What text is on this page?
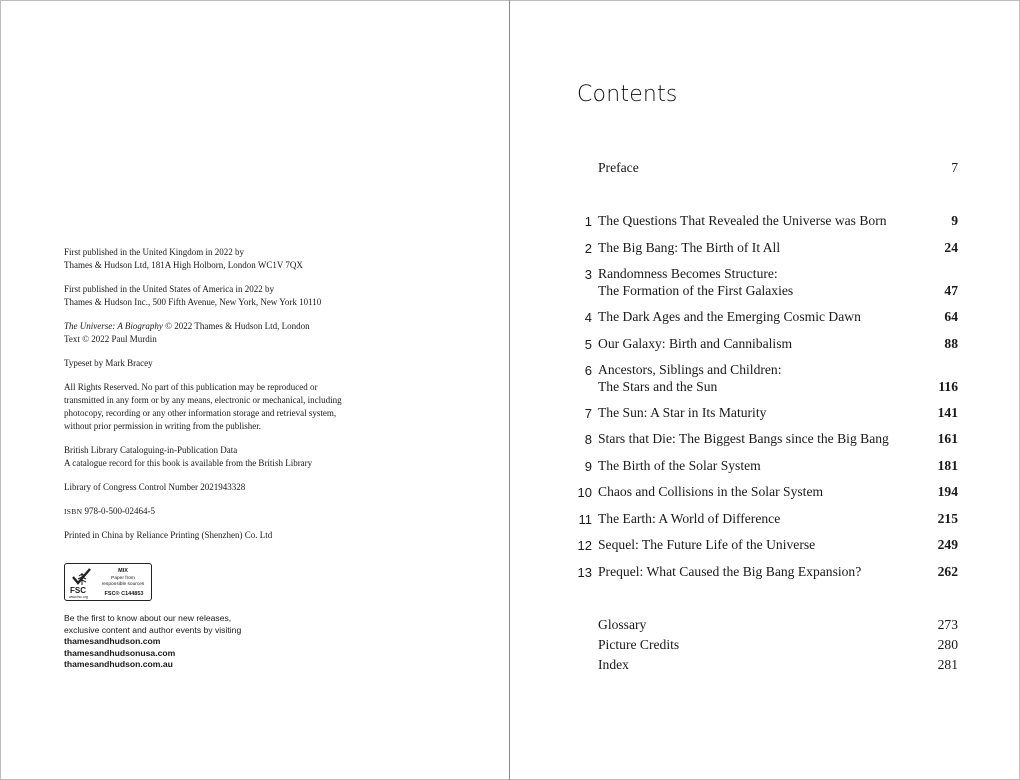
First published in the United Kingdom in 2022 by
Thames & Hudson Ltd, 181A High Holborn, London WC1V 7QX

First published in the United States of America in 2022 by
Thames & Hudson Inc., 500 Fifth Avenue, New York, New York 10110

The Universe: A Biography © 2022 Thames & Hudson Ltd, London
Text © 2022 Paul Murdin

Typeset by Mark Bracey

All Rights Reserved. No part of this publication may be reproduced or
transmitted in any form or by any means, electronic or mechanical, including
photocopy, recording or any other information storage and retrieval system,
without prior permission in writing from the publisher.

British Library Cataloguing-in-Publication Data
A catalogue record for this book is available from the British Library

Library of Congress Control Number 2021943328

ISBN 978-0-500-02464-5

Printed in China by Reliance Printing (Shenzhen) Co. Ltd

FSC
www.fsc.org
MIX
Paper from
responsible sources
FSC® C144853
Be the first to know about our new releases,
exclusive content and author events by visiting
thamesandhudson.com
thamesandhudsonusa.com
thamesandhudson.com.au
Contents
Preface	7
1 The Questions That Revealed the Universe was Born	9
2 The Big Bang: The Birth of It All	24
3 Randomness Becomes Structure:
The Formation of the First Galaxies	47
4 The Dark Ages and the Emerging Cosmic Dawn	64
5 Our Galaxy: Birth and Cannibalism	88
6 Ancestors, Siblings and Children:
The Stars and the Sun	116
7 The Sun: A Star in Its Maturity	141
8 Stars that Die: The Biggest Bangs since the Big Bang	161
9 The Birth of the Solar System	181
10 Chaos and Collisions in the Solar System	194
11 The Earth: A World of Difference	215
12 Sequel: The Future Life of the Universe	249
13 Prequel: What Caused the Big Bang Expansion?	262
Glossary	273
Picture Credits	280
Index	281
